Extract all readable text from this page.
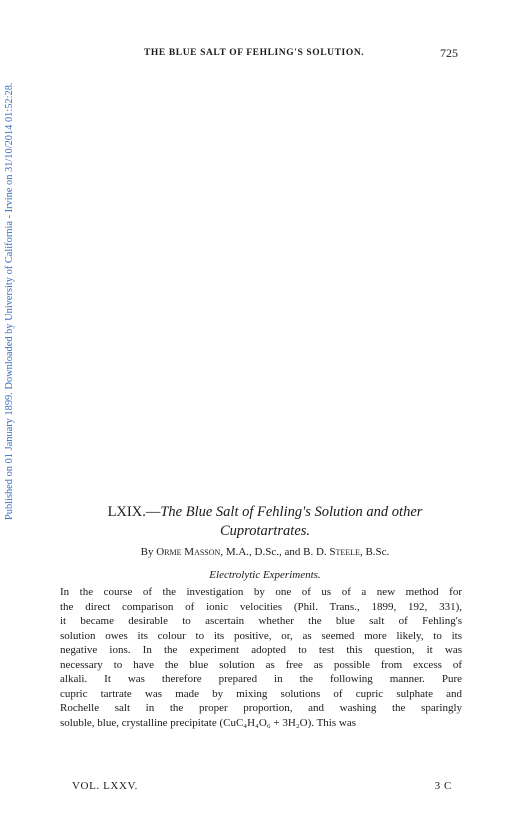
THE BLUE SALT OF FEHLING'S SOLUTION.	725
Published on 01 January 1899. Downloaded by University of California - Irvine on 31/10/2014 01:52:28.	LXIX.—The Blue Salt of Fehling's Solution and other
Cuprotartrates.
By Orme Masson, M.A., D.Sc., and B. D. Steele, B.Sc.
Electrolytic Experiments.
In the course of the investigation by one of us of a new method for
the direct comparison of ionic velocities (Phil. Trans., 1899, 192, 331),
it became desirable to ascertain whether the blue salt of Fehling's
solution owes its colour to its positive, or, as seemed more likely, to its
negative ions. In the experiment adopted to test this question, it was
necessary to have the blue solution as free as possible from excess of
alkali. It was therefore prepared in the following manner. Pure
cupric tartrate was made by mixing solutions of cupric sulphate and
Rochelle salt in the proper proportion, and washing the sparingly
soluble, blue, crystalline precipitate (CuC₄H₄O₆ + 3H₂O). This was
VOL. LXXV.	3 C
